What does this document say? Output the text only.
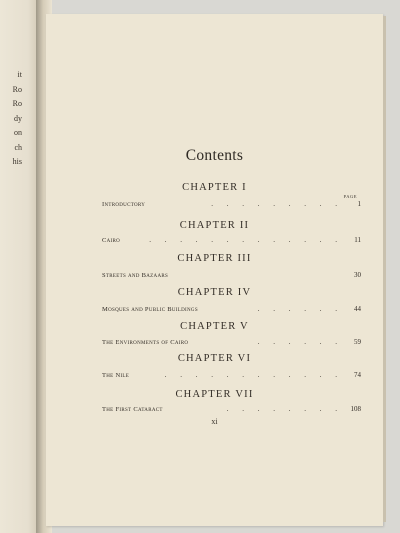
it
Ro
Ro
dy
on
ch
his	Contents
PAGE
CHAPTER I
Introductory	. . . . . . . . . 1
CHAPTER II
Cairo	. . . . . . . . . . . . . 11
CHAPTER III
Streets and Bazaars	30
CHAPTER IV
Mosques and Public Buildings	. . . . . . 44
CHAPTER V
The Environments of Cairo	. . . . . . 59
CHAPTER VI
The Nile	. . . . . . . . . . . . 74
CHAPTER VII
The First Cataract	. . . . . . . . 108
xi
